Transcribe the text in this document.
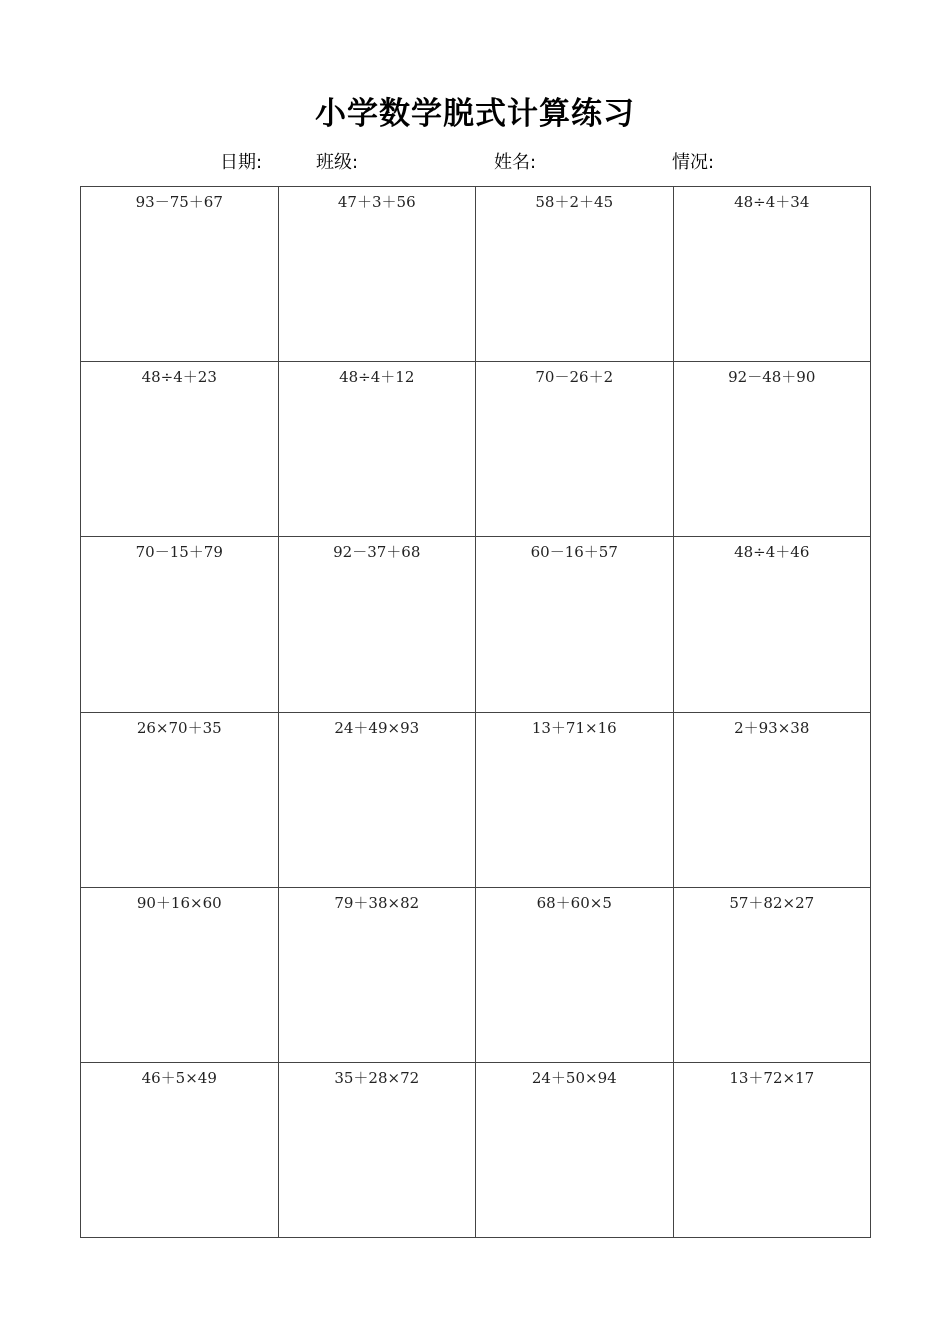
小学数学脱式计算练习
日期:	班级:	姓名:	情况:
93－75＋67	47＋3＋56	58＋2＋45	48÷4＋34
48÷4＋23	48÷4＋12	70－26＋2	92－48＋90
70－15＋79	92－37＋68	60－16＋57	48÷4＋46
26×70＋35	24＋49×93	13＋71×16	2＋93×38
90＋16×60	79＋38×82	68＋60×5	57＋82×27
46＋5×49	35＋28×72	24＋50×94	13＋72×17
